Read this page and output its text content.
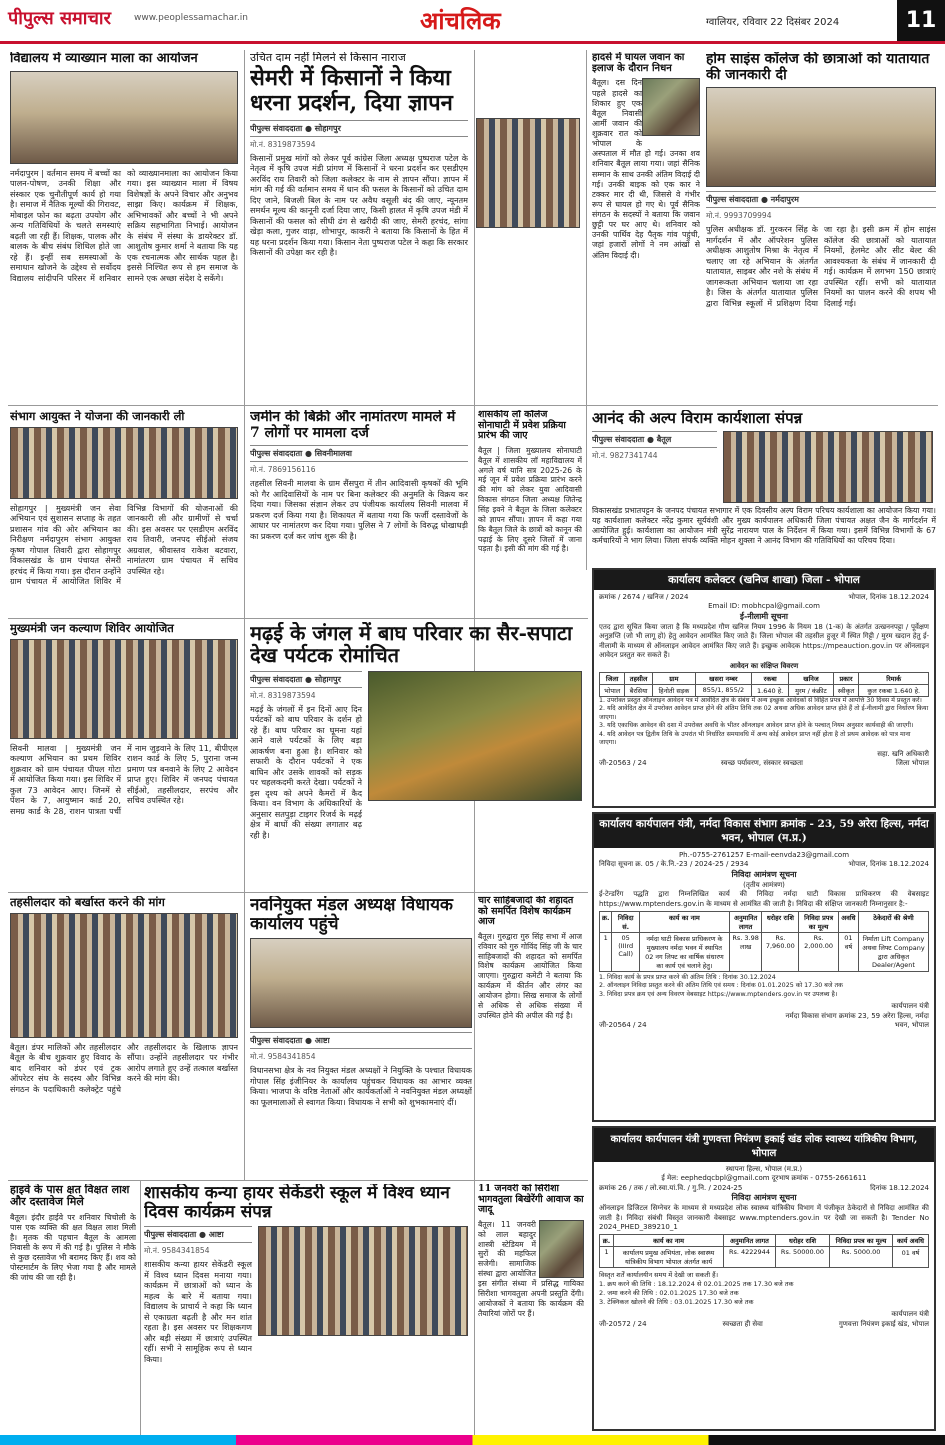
पीपुल्स समाचार	www.peoplessamachar.in	आंचलिक	ग्वालियर, रविवार 22 दिसंबर 2024	11
विद्यालय में व्याख्यान माला का आयोजन
नर्मदापुरम | वर्तमान समय में बच्चों का पालन-पोषण, उनकी शिक्षा और संस्कार एक चुनौतीपूर्ण कार्य हो गया है। समाज में नैतिक मूल्यों की गिरावट, मोबाइल फोन का बढ़ता उपयोग और अन्य गतिविधियों के चलते समस्याएं बढ़ती जा रही हैं। शिक्षक, पालक और बालक के बीच संबंध शिथिल होते जा रहे हैं। इन्हीं सब समस्याओं के समाधान खोजने के उद्देश्य से सर्वोदय विद्यालय सांदीपनि परिसर में शनिवार को व्याख्यानमाला का आयोजन किया गया। इस व्याख्यान माला में विषय विशेषज्ञों के अपने विचार और अनुभव साझा किए। कार्यक्रम में शिक्षक, अभिभावकों और बच्चों ने भी अपने सक्रिय सहभागिता निभाई। आयोजन के संबंध में संस्था के डायरेक्टर डॉ. आशुतोष कुमार शर्मा ने बताया कि यह एक रचनात्मक और सार्थक पहल है। इससे निश्चित रूप से हम समाज के सामने एक अच्छा संदेश दे सकेंगे।
उचित दाम नहीं मिलने से किसान नाराज
सेमरी में किसानों ने किया धरना प्रदर्शन, दिया ज्ञापन
पीपुल्स संवाददाता ● सोहागपुर
मो.नं. 8319873594
किसानों प्रमुख मांगों को लेकर पूर्व कांग्रेस जिला अध्यक्ष पुष्पराज पटेल के नेतृत्व में कृषि उपज मंडी प्रांगण में किसानों ने धरना प्रदर्शन कर एसडीएम अरविंद राय तिवारी को जिला कलेक्टर के नाम से ज्ञापन सौंपा। ज्ञापन में मांग की गई की वर्तमान समय में धान की फसल के किसानों को उचित दाम दिए जाने, बिजली बिल के नाम पर अवैध वसूली बंद की जाए, न्यूनतम समर्थन मूल्य की कानूनी दर्जा दिया जाए, किसी हालत में कृषि उपज मंडी में किसानों की फसल को सीधी ढंग से खरीदी की जाए, सेमरी हरचंद, सांगा खेड़ा कला, गुजर वाड़ा, शोभापुर, काकरी ने बताया कि किसानों के हित में यह धरना प्रदर्शन किया गया। किसान नेता पुष्पराज पटेल ने कहा कि सरकार किसानों की उपेक्षा कर रही है।
हादसे में घायल जवान का इलाज के दौरान निधन
बैतूल। दस दिन पहले हादसे का शिकार हुए एक बैतूल निवासी आर्मी जवान की शुक्रवार रात को भोपाल के अस्पताल में मौत हो गई। उनका शव शनिवार बैतूल लाया गया। जहां सैनिक सम्मान के साथ उनकी अंतिम विदाई दी गई। उनकी बाइक को एक कार ने टक्कर मार दी थी, जिससे वे गंभीर रूप से घायल हो गए थे। पूर्व सैनिक संगठन के सदस्यों ने बताया कि जवान छुट्टी पर घर आए थे। शनिवार को उनकी पार्थिव देह पैतृक गांव पहुंची, जहां हजारों लोगों ने नम आंखों से अंतिम विदाई दी।
होम साइंस कॉलेज की छात्राओं को यातायात की जानकारी दी
पीपुल्स संवाददाता ● नर्मदापुरम
मो.नं. 9993709994
पुलिस अधीक्षक डॉ. गुरकरन सिंह के मार्गदर्शन में और ऑपरेशन पुलिस अधीक्षक आशुतोष मिश्रा के नेतृत्व में चलाए जा रहे अभियान के अंतर्गत यातायात, साइबर और नशे के संबंध में जागरूकता अभियान चलाया जा रहा है। जिस के अंतर्गत यातायात पुलिस द्वारा विभिन्न स्कूलों में प्रशिक्षण दिया जा रहा है। इसी क्रम में होम साइंस कॉलेज की छात्राओं को यातायात नियमों, हेलमेट और सीट बेल्ट की आवश्यकता के संबंध में जानकारी दी गई। कार्यक्रम में लगभग 150 छात्राएं उपस्थित रहीं। सभी को यातायात नियमों का पालन करने की शपथ भी दिलाई गई।
संभाग आयुक्त ने योजना की जानकारी ली
सोहागपुर | मुख्यमंत्री जन सेवा अभियान एवं सुशासन सप्ताह के तहत प्रशासन गांव की ओर अभियान का निरीक्षण नर्मदापुरम संभाग आयुक्त कृष्ण गोपाल तिवारी द्वारा सोहागपुर विकासखंड के ग्राम पंचायत सेमरी हरचंद में किया गया। इस दौरान उन्होंने ग्राम पंचायत में आयोजित शिविर में विभिन्न विभागों की योजनाओं की जानकारी ली और ग्रामीणों से चर्चा की। इस अवसर पर एसडीएम अरविंद राय तिवारी, जनपद सीईओ संजय अग्रवाल, श्रीवास्तव राकेश बटवारा, नामांतरण ग्राम पंचायत में सचिव उपस्थित रहे।
जमीन की बिक्री और नामांतरण मामले में 7 लोगों पर मामला दर्ज
पीपुल्स संवाददाता ● सिवनीमालवा
मो.नं. 7869156116
तहसील सिवनी मालवा के ग्राम सैंसपुरा में तीन आदिवासी कृषकों की भूमि को गैर आदिवासियों के नाम पर बिना कलेक्टर की अनुमति के विक्रय कर दिया गया। जिसका संज्ञान लेकर उप पंजीयक कार्यालय सिवनी मालवा में प्रकरण दर्ज किया गया है। शिकायत में बताया गया कि फर्जी दस्तावेजों के आधार पर नामांतरण कर दिया गया। पुलिस ने 7 लोगों के विरुद्ध धोखाधड़ी का प्रकरण दर्ज कर जांच शुरू की है।
शासकीय लॉ कॉलेज सोनाघाटी में प्रवेश प्रक्रिया प्रारंभ की जाए
बैतूल | जिला मुख्यालय सोनाघाटी बैतूल में शासकीय लॉ महाविद्यालय में अगले वर्ष यानि सत्र 2025-26 के मई जून में प्रवेश प्रक्रिया प्रारंभ करने की मांग को लेकर युवा आदिवासी विकास संगठन जिला अध्यक्ष जितेन्द्र सिंह इवने ने बैतूल के जिला कलेक्टर को ज्ञापन सौंपा। ज्ञापन में कहा गया कि बैतूल जिले के छात्रों को कानून की पढ़ाई के लिए दूसरे जिलों में जाना पड़ता है। इसी की मांग की गई है।
आनंद की अल्प विराम कार्यशाला संपन्न
पीपुल्स संवाददाता ● बैतूल
मो.नं. 9827341744
विकासखंड प्रभातपट्टन के जनपद पंचायत सभागार में एक दिवसीय अल्प विराम परिचय कार्यशाला का आयोजन किया गया। यह कार्यशाला कलेक्टर नरेंद्र कुमार सूर्यवंशी और मुख्य कार्यपालन अधिकारी जिला पंचायत अक्षत जैन के मार्गदर्शन में आयोजित हुई। कार्यशाला का आयोजन मंत्री सुरेंद्र नारायण पाल के निर्देशन में किया गया। इसमें विभिन्न विभागों के 67 कर्मचारियों ने भाग लिया। जिला संपर्क व्यक्ति मोहन शुक्ला ने आनंद विभाग की गतिविधियों का परिचय दिया।
कार्यालय कलेक्टर (खनिज शाखा) जिला - भोपाल
क्रमांक / 2674 / खनिज / 2024	भोपाल, दिनांक 18.12.2024
Email ID: mobhcpal@gmail.com
ई-नीलामी सूचना
एतद द्वारा सूचित किया जाता है कि मध्यप्रदेश गौण खनिज नियम 1996 के नियम 18 (1-क) के अंतर्गत उत्खननपट्टा / पूर्वेक्षण अनुज्ञप्ति (जो भी लागू हो) हेतु आवेदन आमंत्रित किए जाते हैं। जिला भोपाल की तहसील हुजूर में स्थित गिट्टी / मुरम खदान हेतु ई-नीलामी के माध्यम से ऑनलाइन आवेदन आमंत्रित किए जाते हैं। इच्छुक आवेदक https://mpeauction.gov.in पर ऑनलाइन आवेदन प्रस्तुत कर सकते हैं।
आवेदन का संक्षिप्त विवरण
जिला	तहसील	ग्राम	खसरा नम्बर	रकबा	खनिज	प्रकार	रिमार्क
भोपाल	बैरसिया	हिनोती सड़क	855/1, 855/2	1.640 हे.	मुरम / कंक्रीट	स्वीकृत	कुल रकबा 1.640 हे.
1. उपरोक्त प्रस्तुत ऑनलाइन आवेदन पत्र में आवेदित क्षेत्र के संबंध में अन्य इच्छुक आवेदकों से विहित प्रपत्र में आपत्ति 30 दिवस में प्रस्तुत करें।
2. यदि आवेदित क्षेत्र में उपरोक्त आवेदन प्राप्त होने की अंतिम तिथि तक 02 अथवा अधिक आवेदन प्राप्त होते हैं तो ई-नीलामी द्वारा निर्धारण किया जाएगा।
3. यदि एकाधिक आवेदन की दशा में उपरोक्त अवधि के भीतर ऑनलाइन आवेदन प्राप्त होने के पश्चात् नियम अनुसार कार्यवाही की जाएगी।
4. यदि आवेदन पत्र द्वितीय तिथि के उपरांत भी निर्धारित समयावधि में अन्य कोई आवेदन प्राप्त नहीं होता है तो प्रथम आवेदक को पात्र माना जाएगा।
जी-20563 / 24	स्वच्छ पर्यावरण, संस्कार स्वच्छता
सहा. खनि अधिकारी
जिला भोपाल
मुख्यमंत्री जन कल्याण शिविर आयोजित
सिवनी मालवा | मुख्यमंत्री जन कल्याण अभियान का प्रथम शिविर शुक्रवार को ग्राम पंचायत पीपल गोटा में आयोजित किया गया। इस शिविर में कुल 73 आवेदन आए। जिनमें से पेंशन के 7, आयुष्मान कार्ड 20, समग्र कार्ड के 28, राशन पात्रता पर्ची में नाम जुड़वाने के लिए 11, बीपीएल राशन कार्ड के लिए 5, पुराना जन्म प्रमाण पत्र बनवाने के लिए 2 आवेदन प्राप्त हुए। शिविर में जनपद पंचायत सीईओ, तहसीलदार, सरपंच और सचिव उपस्थित रहे।
मढ़ई के जंगल में बाघ परिवार का सैर-सपाटा देख पर्यटक रोमांचित
पीपुल्स संवाददाता ● सोहागपुर
मो.नं. 8319873594
मढ़ई के जंगलों में इन दिनों आए दिन पर्यटकों को बाघ परिवार के दर्शन हो रहे हैं। बाघ परिवार का घूमना यहां आने वाले पर्यटकों के लिए बड़ा आकर्षण बना हुआ है। शनिवार को सफारी के दौरान पर्यटकों ने एक बाघिन और उसके शावकों को सड़क पर चहलकदमी करते देखा। पर्यटकों ने इस दृश्य को अपने कैमरों में कैद किया। वन विभाग के अधिकारियों के अनुसार सतपुड़ा टाइगर रिजर्व के मढ़ई क्षेत्र में बाघों की संख्या लगातार बढ़ रही है।
तहसीलदार को बर्खास्त करने की मांग
बैतूल। डंपर मालिकों और तहसीलदार बैतूल के बीच शुक्रवार हुए विवाद के बाद शनिवार को डंपर एवं ट्रक ऑपरेटर संघ के सदस्य और विभिन्न संगठन के पदाधिकारी कलेक्ट्रेट पहुंचे और तहसीलदार के खिलाफ ज्ञापन सौंपा। उन्होंने तहसीलदार पर गंभीर आरोप लगाते हुए उन्हें तत्काल बर्खास्त करने की मांग की।
नवनियुक्त मंडल अध्यक्ष विधायक कार्यालय पहुंचे
पीपुल्स संवाददाता ● आष्टा
मो.नं. 9584341854
विधानसभा क्षेत्र के नव नियुक्त मंडल अध्यक्षों ने नियुक्ति के पश्चात विधायक गोपाल सिंह इंजीनियर के कार्यालय पहुंचकर विधायक का आभार व्यक्त किया। भाजपा के वरिष्ठ नेताओं और कार्यकर्ताओं ने नवनियुक्त मंडल अध्यक्षों का फूलमालाओं से स्वागत किया। विधायक ने सभी को शुभकामनाएं दीं।
चार साहिबजादों की शहादत को समर्पित विशेष कार्यक्रम आज
बैतूल। गुरुद्वारा गुरु सिंह सभा में आज रविवार को गुरु गोविंद सिंह जी के चार साहिबजादों की शहादत को समर्पित विशेष कार्यक्रम आयोजित किया जाएगा। गुरुद्वारा कमेटी ने बताया कि कार्यक्रम में कीर्तन और लंगर का आयोजन होगा। सिख समाज के लोगों से अधिक से अधिक संख्या में उपस्थित होने की अपील की गई है।
कार्यालय कार्यपालन यंत्री, नर्मदा विकास संभाग क्रमांक - 23, 59 अरेरा हिल्स, नर्मदा भवन, भोपाल (म.प्र.)
Ph.-0755-2761257 E-mail-eenvda23@gmail.com
निविदा सूचना क्र. 05 / के.नि.-23 / 2024-25 / 2934	भोपाल, दिनांक 18.12.2024
निविदा आमंत्रण सूचना
(तृतीय आमंत्रण)
ई-टेन्डरिंग पद्धति द्वारा निम्नलिखित कार्य की निविदा नर्मदा घाटी विकास प्राधिकरण की वेबसाइट https://www.mptenders.gov.in के माध्यम से आमंत्रित की जाती है। निविदा की संक्षिप्त जानकारी निम्नानुसार है:-
क्र.	निविदा सं.	कार्य का नाम	अनुमानित लागत	धरोहर राशि	निविदा प्रपत्र का मूल्य	अवधि	ठेकेदारों की श्रेणी
1	05 (IIIrd Call)	नर्मदा घाटी विकास प्राधिकरण के मुख्यालय नर्मदा भवन में स्थापित 02 नग लिफ्ट का वार्षिक संधारण का कार्य एवं चलाने हेतु।	Rs. 3.98 लाख	Rs. 7,960.00	Rs. 2,000.00	01 वर्ष	निर्माता Lift Company अथवा लिफ्ट Company द्वारा अधिकृत Dealer/Agent
1. निविदा कार्य के प्रपत्र प्राप्त करने की अंतिम तिथि : दिनांक 30.12.2024
2. ऑनलाइन निविदा प्रस्तुत करने की अंतिम तिथि एवं समय : दिनांक 01.01.2025 को 17.30 बजे तक
3. निविदा प्रपत्र क्रय एवं अन्य विवरण वेबसाइट https://www.mptenders.gov.in पर उपलब्ध है।
जी-20564 / 24
कार्यपालन यंत्री
नर्मदा विकास संभाग क्रमांक 23, 59 अरेरा हिल्स, नर्मदा भवन, भोपाल
कार्यालय कार्यपालन यंत्री गुणवत्ता नियंत्रण इकाई खंड लोक स्वास्थ्य यांत्रिकीय विभाग, भोपाल
स्थापना हिल्स, भोपाल (म.प्र.)
ई मेल: eephedqcbpl@gmail.com दूरभाष क्रमांक - 0755-2661611
क्रमांक 26 / तक / लो.स्वा.यां.वि. / गु.नि. / 2024-25	दिनांक 18.12.2024
निविदा आमंत्रण सूचना
ऑनलाइन डिजिटल सिग्नेचर के माध्यम से मध्यप्रदेश लोक स्वास्थ्य यांत्रिकीय विभाग में पंजीकृत ठेकेदारों से निविदा आमंत्रित की जाती है। निविदा संबंधी विस्तृत जानकारी वेबसाइट www.mptenders.gov.in पर देखी जा सकती है। Tender No 2024_PHED_389210_1
क्र.	कार्य का नाम	अनुमानित लागत	धरोहर राशि	निविदा प्रपत्र का मूल्य	कार्य अवधि
1	कार्यालय प्रमुख अभियंता, लोक स्वास्थ्य यांत्रिकीय विभाग भोपाल अंतर्गत कार्य	Rs. 4222944	Rs. 50000.00	Rs. 5000.00	01 वर्ष
विस्तृत शर्तें कार्यालयीन समय में देखी जा सकती हैं।
1. क्रय करने की तिथि : 18.12.2024 से 02.01.2025 तक 17.30 बजे तक
2. जमा करने की तिथि : 02.01.2025 17.30 बजे तक
3. टेक्निकल खोलने की तिथि : 03.01.2025 17.30 बजे तक
जी-20572 / 24	स्वच्छता ही सेवा
कार्यपालन यंत्री
गुणवत्ता नियंत्रण इकाई खंड, भोपाल
हाइवे के पास क्षत विक्षत लाश और दस्तावेज मिले
बैतूल। इंदौर हाईवे पर शनिवार चिचोली के पास एक व्यक्ति की क्षत विक्षत लाश मिली है। मृतक की पहचान बैतूल के आमला निवासी के रूप में की गई है। पुलिस ने मौके से कुछ दस्तावेज भी बरामद किए हैं। शव को पोस्टमार्टम के लिए भेजा गया है और मामले की जांच की जा रही है।
शासकीय कन्या हायर सेकेंडरी स्कूल में विश्व ध्यान दिवस कार्यक्रम संपन्न
पीपुल्स संवाददाता ● आष्टा
मो.नं. 9584341854
शासकीय कन्या हायर सेकेंडरी स्कूल में विश्व ध्यान दिवस मनाया गया। कार्यक्रम में छात्राओं को ध्यान के महत्व के बारे में बताया गया। विद्यालय के प्राचार्य ने कहा कि ध्यान से एकाग्रता बढ़ती है और मन शांत रहता है। इस अवसर पर शिक्षकगण और बड़ी संख्या में छात्राएं उपस्थित रहीं। सभी ने सामूहिक रूप से ध्यान किया।
11 जनवरी को सिरीशा भागवतुला बिखेरेंगी आवाज का जादू
बैतूल। 11 जनवरी को लाल बहादुर शास्त्री स्टेडियम में सुरों की महफिल सजेगी। सामाजिक संस्था द्वारा आयोजित इस संगीत संध्या में प्रसिद्ध गायिका सिरीशा भागवतुला अपनी प्रस्तुति देंगी। आयोजकों ने बताया कि कार्यक्रम की तैयारियां जोरों पर हैं।
